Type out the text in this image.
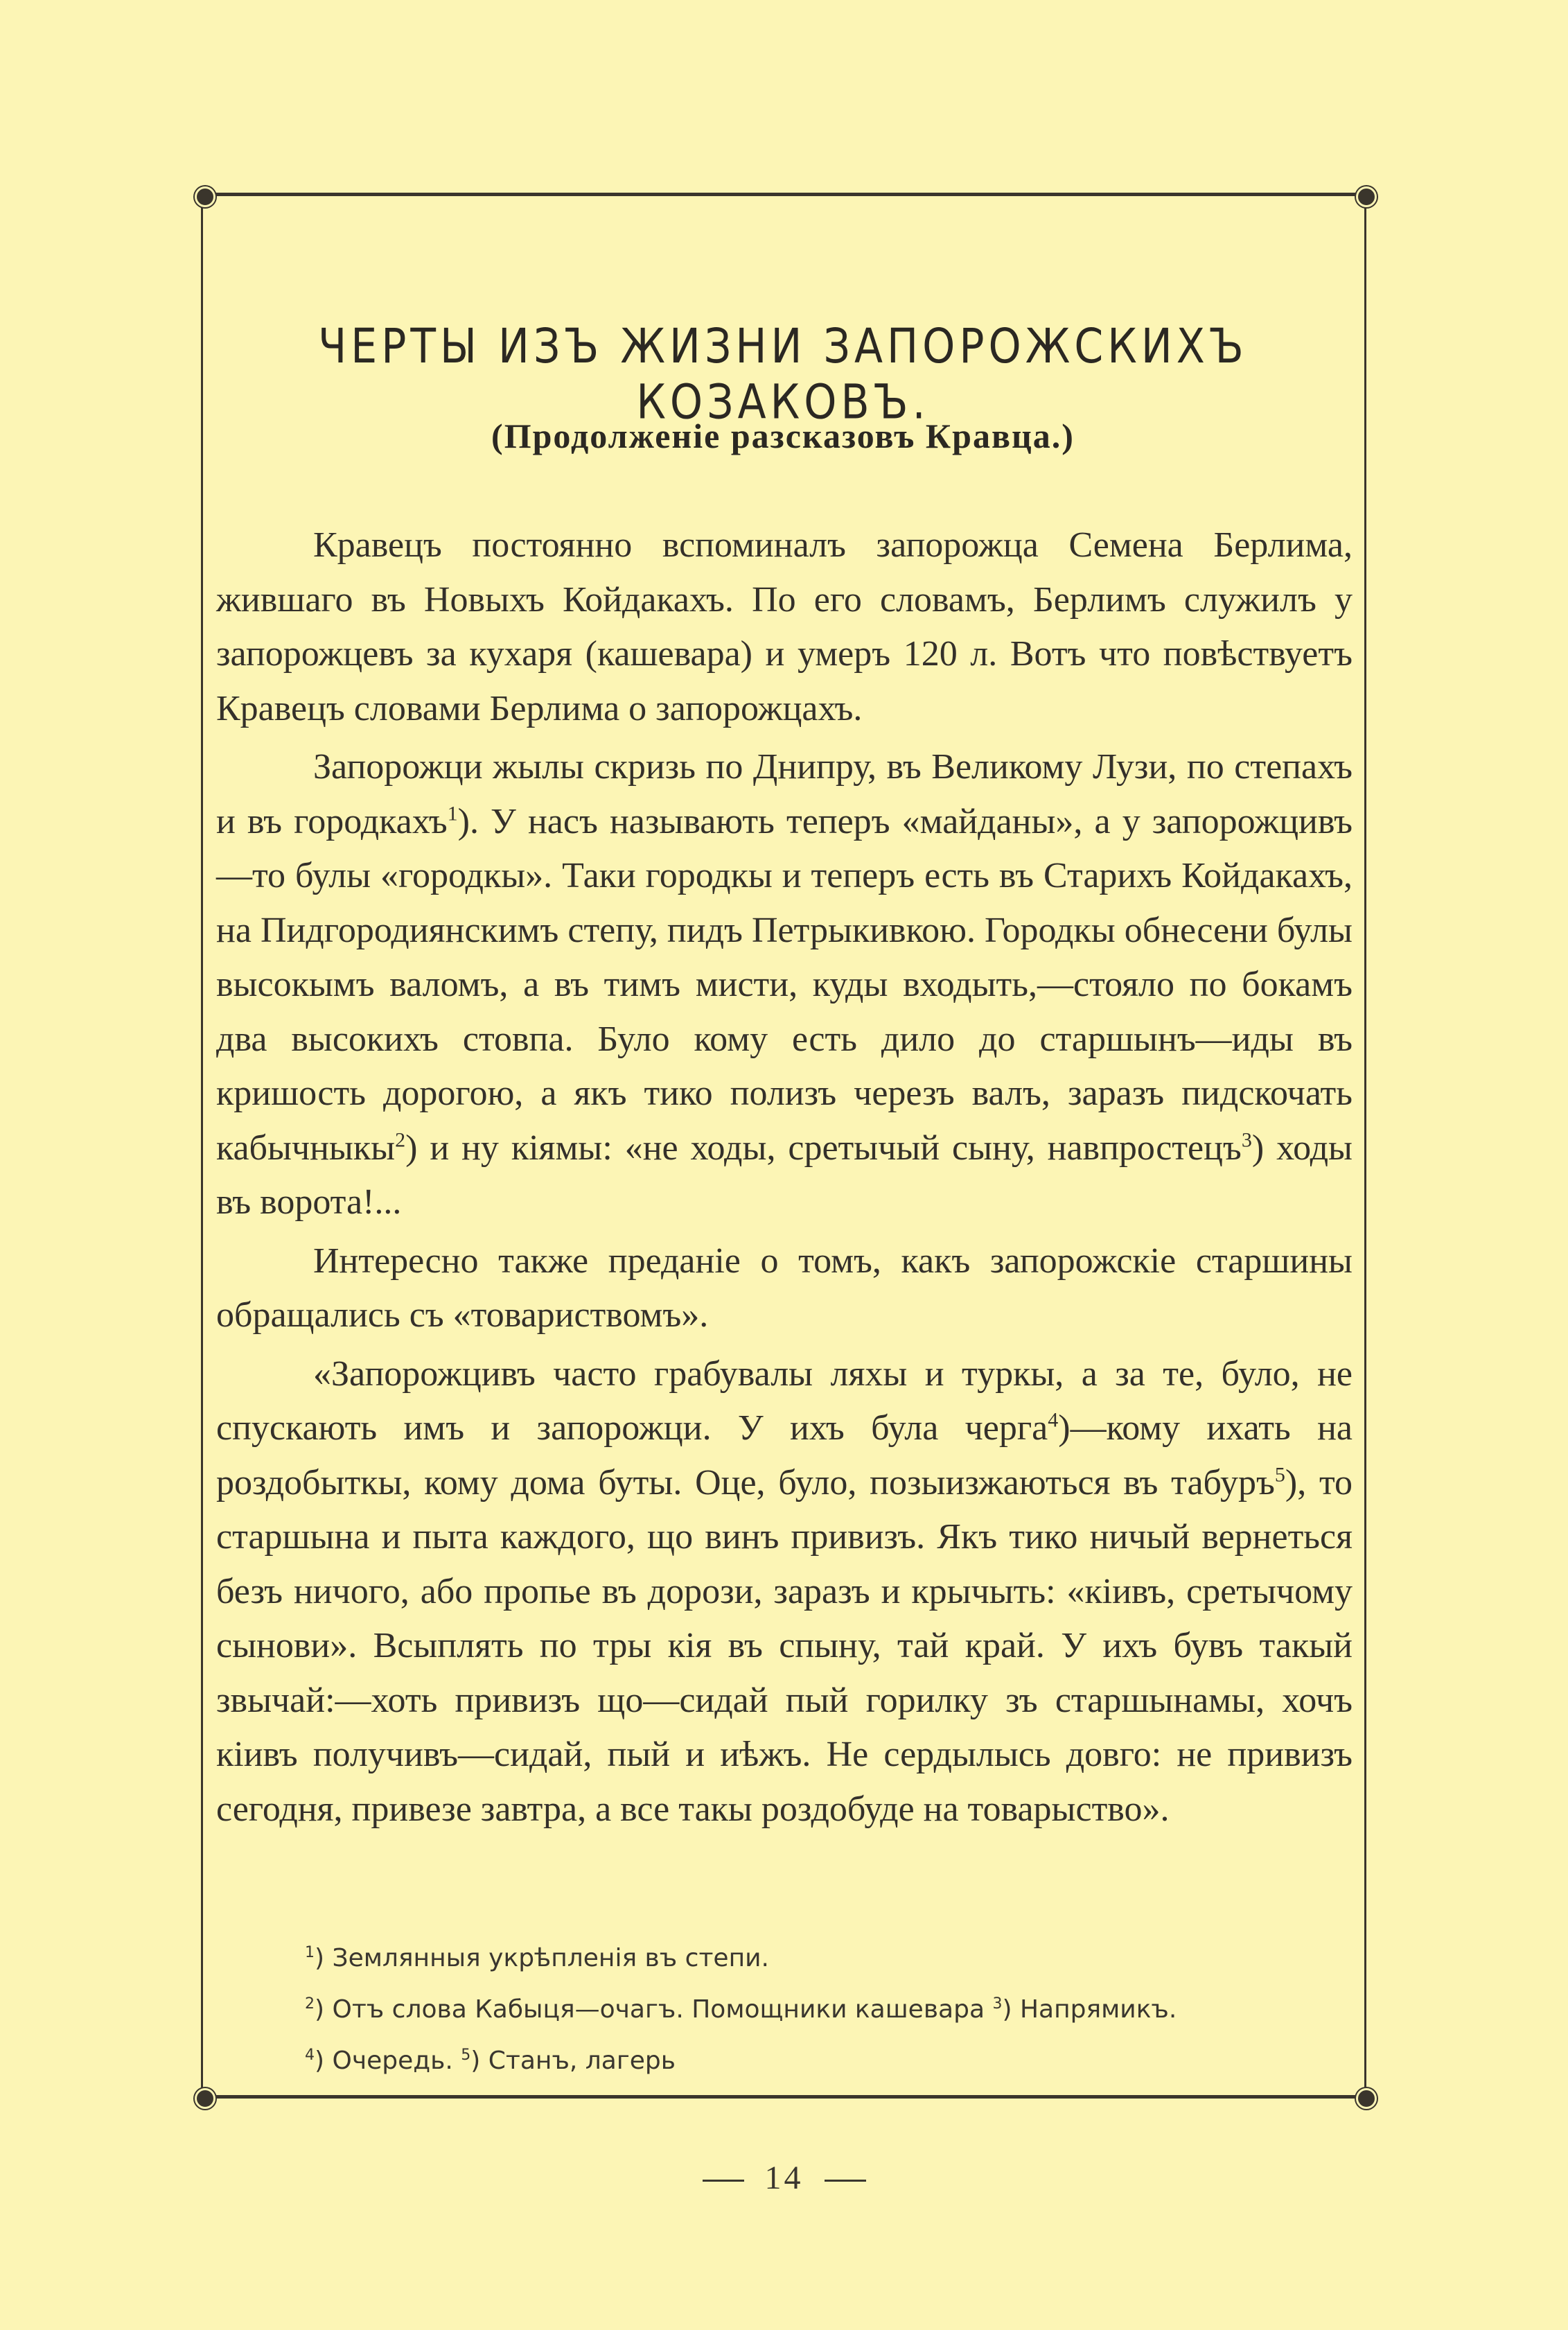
ЧЕРТЫ ИЗЪ ЖИЗНИ ЗАПОРОЖСКИХЪ КОЗАКОВЪ.
(Продолженіе разсказовъ Кравца.)

Кравецъ постоянно вспоминалъ запорожца Семена Берлима, жившаго въ Новыхъ Койдакахъ. По его словамъ, Берлимъ служилъ у запорожцевъ за кухаря (кашевара) и умеръ 120 л. Вотъ что повѣствуетъ Кравецъ словами Берлима о запорожцахъ.

Запорожци жылы скризь по Днипру, въ Великому Лузи, по степахъ и въ городкахъ$^1$). У насъ называють теперъ «майданы», а у запорожцивъ—то булы «городкы». Таки городкы и теперъ есть въ Старихъ Койдакахъ, на Пидгородиянскимъ степу, пидъ Петрыкивкою. Городкы обнесени булы высокымъ валомъ, а въ тимъ мисти, куды входыть,—стояло по бокамъ два высокихъ стовпа. Було кому есть дило до старшынъ—иды въ кришость дорогою, а якъ тико полизъ черезъ валъ, заразъ пидскочать кабычныкы$^2$) и ну кіямы: «не ходы, сретычый сыну, навпростецъ$^3$) ходы въ ворота!...

Интересно также преданіе о томъ, какъ запорожскіе старшины обращались съ «товариствомъ».

«Запорожцивъ часто грабувалы ляхы и туркы, а за те, було, не спускають имъ и запорожци. У ихъ була черга$^4$)—кому ихать на роздобыткы, кому дома буты. Оце, було, позыизжаються въ табуръ$^5$), то старшына и пыта каждого, що винъ привизъ. Якъ тико ничый вернеться безъ ничого, або пропье въ дорози, заразъ и крычыть: «кіивъ, сретычому сынови». Всыплять по тры кія въ спыну, тай край. У ихъ бувъ такый звычай:—хоть привизъ що—сидай пый горилку зъ старшынамы, хочъ кіивъ получивъ—сидай, пый и иѣжъ. Не сердылысь довго: не привизъ сегодня, привезе завтра, а все такы роздобуде на товарыство».

$^1$) Землянныя укрѣпленія въ степи.
$^2$) Отъ слова Кабыця—очагъ. Помощники кашевара $^3$) Напрямикъ.
$^4$) Очередь. $^5$) Станъ, лагерь
14
